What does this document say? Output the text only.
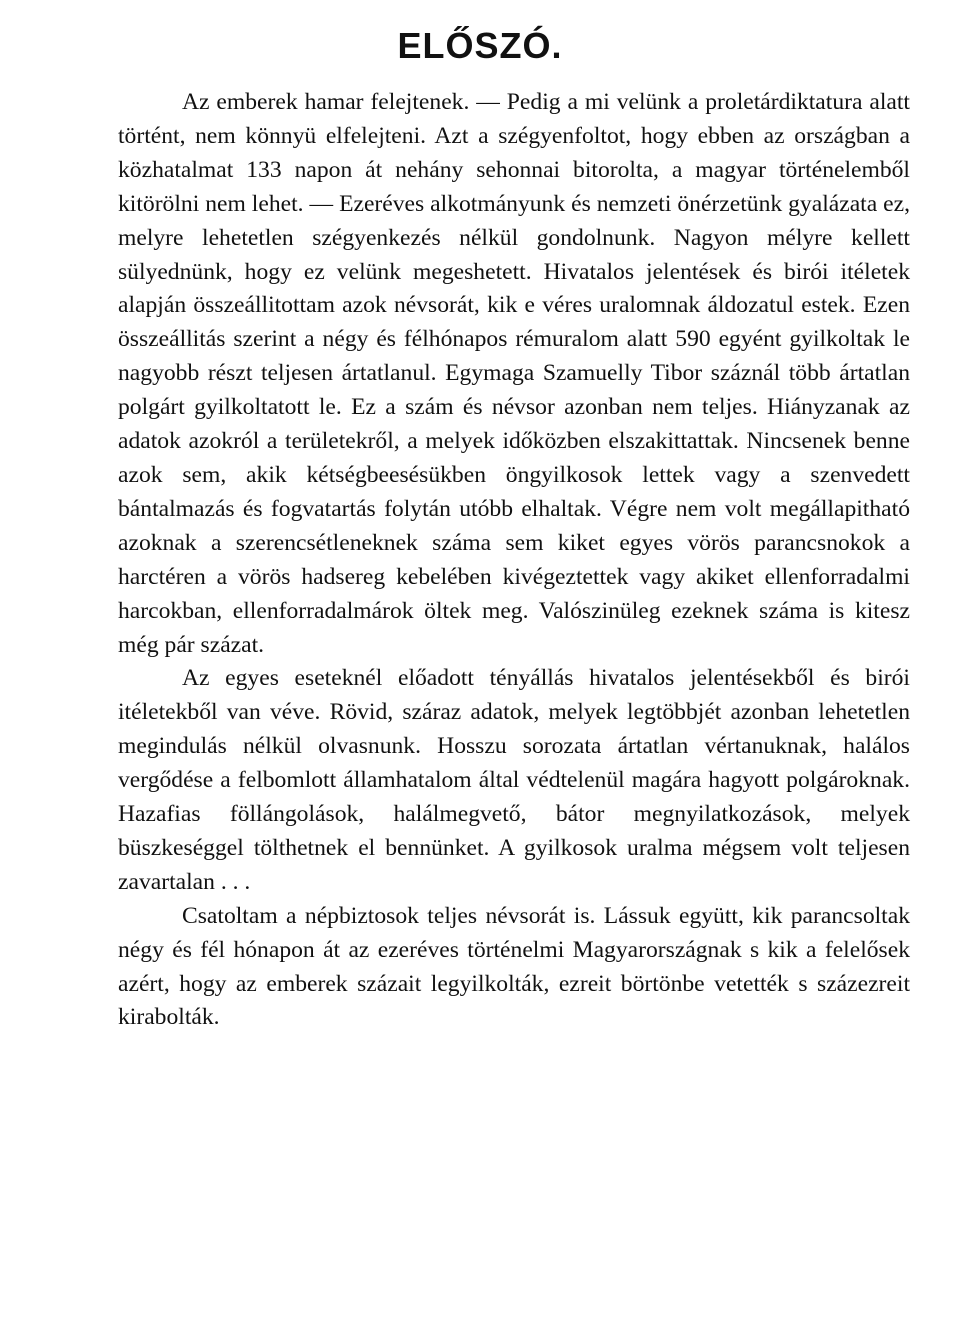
ELŐSZÓ.

Az emberek hamar felejtenek. — Pedig a mi velünk a proletárdiktatura alatt történt, nem könnyü elfelejteni. Azt a szégyenfoltot, hogy ebben az országban a közhatalmat 133 napon át nehány sehonnai bitorolta, a magyar történelemből kitörölni nem lehet. — Ezeréves alkotmányunk és nemzeti önérzetünk gyalázata ez, melyre lehetetlen szégyenkezés nélkül gondolnunk. Nagyon mélyre kellett sülyednünk, hogy ez velünk megeshetett. Hivatalos jelentések és birói itéletek alapján összeállitottam azok névsorát, kik e véres uralomnak áldozatul estek. Ezen összeállitás szerint a négy és félhónapos rémuralom alatt 590 egyént gyilkoltak le nagyobb részt teljesen ártatlanul. Egymaga Szamuelly Tibor száznál több ártatlan polgárt gyilkoltatott le. Ez a szám és névsor azonban nem teljes. Hiányzanak az adatok azokról a területekről, a melyek időközben elszakittattak. Nincsenek benne azok sem, akik kétségbeesésükben öngyilkosok lettek vagy a szenvedett bántalmazás és fogvatartás folytán utóbb elhaltak. Végre nem volt megállapitható azoknak a szerencsétleneknek száma sem kiket egyes vörös parancsnokok a harctéren a vörös hadsereg kebelében kivégeztettek vagy akiket ellenforradalmi harcokban, ellenforradalmárok öltek meg. Valószinüleg ezeknek száma is kitesz még pár százat.

Az egyes eseteknél előadott tényállás hivatalos jelentésekből és birói itéletekből van véve. Rövid, száraz adatok, melyek legtöbbjét azonban lehetetlen megindulás nélkül olvasnunk. Hosszu sorozata ártatlan vértanuknak, halálos vergődése a felbomlott államhatalom által védtelenül magára hagyott polgároknak. Hazafias föllángolások, halálmegvető, bátor megnyilatkozások, melyek büszkeséggel tölthetnek el bennünket. A gyilkosok uralma mégsem volt teljesen zavartalan . . .

Csatoltam a népbiztosok teljes névsorát is. Lássuk együtt, kik parancsoltak négy és fél hónapon át az ezeréves történelmi Magyarországnak s kik a felelősek azért, hogy az emberek százait legyilkolták, ezreit börtönbe vetették s százezreit kirabolták.
